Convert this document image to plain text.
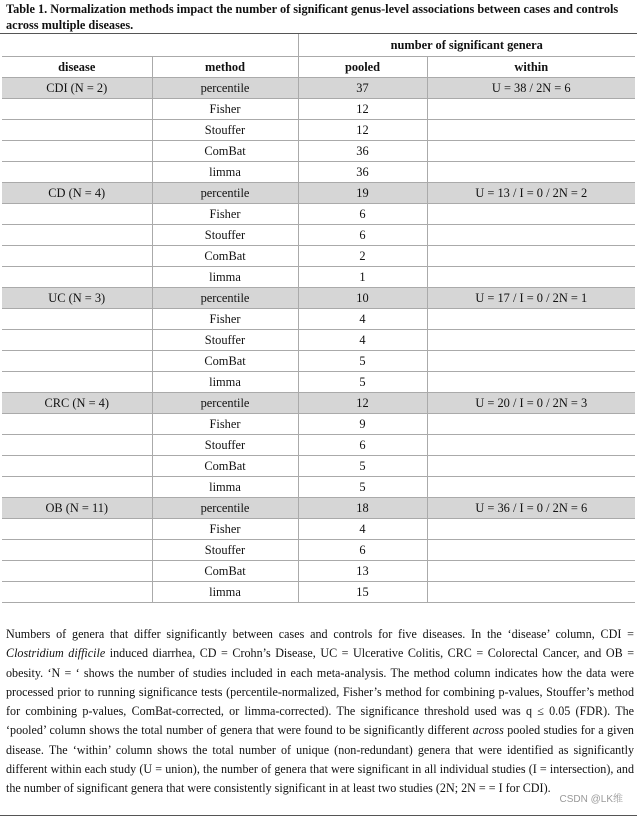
Table 1. Normalization methods impact the number of significant genus-level associations between cases and controls across multiple diseases.
		number of significant genera	
disease	method	pooled	within
CDI (N = 2)	percentile	37	U = 38 / 2N = 6
	Fisher	12	
	Stouffer	12	
	ComBat	36	
	limma	36	
CD (N = 4)	percentile	19	U = 13 / I = 0 / 2N = 2
	Fisher	6	
	Stouffer	6	
	ComBat	2	
	limma	1	
UC (N = 3)	percentile	10	U = 17 / I = 0 / 2N = 1
	Fisher	4	
	Stouffer	4	
	ComBat	5	
	limma	5	
CRC (N = 4)	percentile	12	U = 20 / I = 0 / 2N = 3
	Fisher	9	
	Stouffer	6	
	ComBat	5	
	limma	5	
OB (N = 11)	percentile	18	U = 36 / I = 0 / 2N = 6
	Fisher	4	
	Stouffer	6	
	ComBat	13	
	limma	15	
Numbers of genera that differ significantly between cases and controls for five diseases. In the ‘disease’ column, CDI = Clostridium difficile induced diarrhea, CD = Crohn’s Disease, UC = Ulcerative Colitis, CRC = Colorectal Cancer, and OB = obesity. ‘N = ‘ shows the number of studies included in each meta-analysis. The method column indicates how the data were processed prior to running significance tests (percentile-normalized, Fisher’s method for combining p-values, Stouffer’s method for combining p-values, ComBat-corrected, or limma-corrected). The significance threshold used was q ≤ 0.05 (FDR). The ‘pooled’ column shows the total number of genera that were found to be significantly different across pooled studies for a given disease. The ‘within’ column shows the total number of unique (non-redundant) genera that were identified as significantly different within each study (U = union), the number of genera that were significant in all individual studies (I = intersection), and the number of significant genera that were consistently significant in at least two studies (2N; 2N = = I for CDI).
CSDN @LK维
